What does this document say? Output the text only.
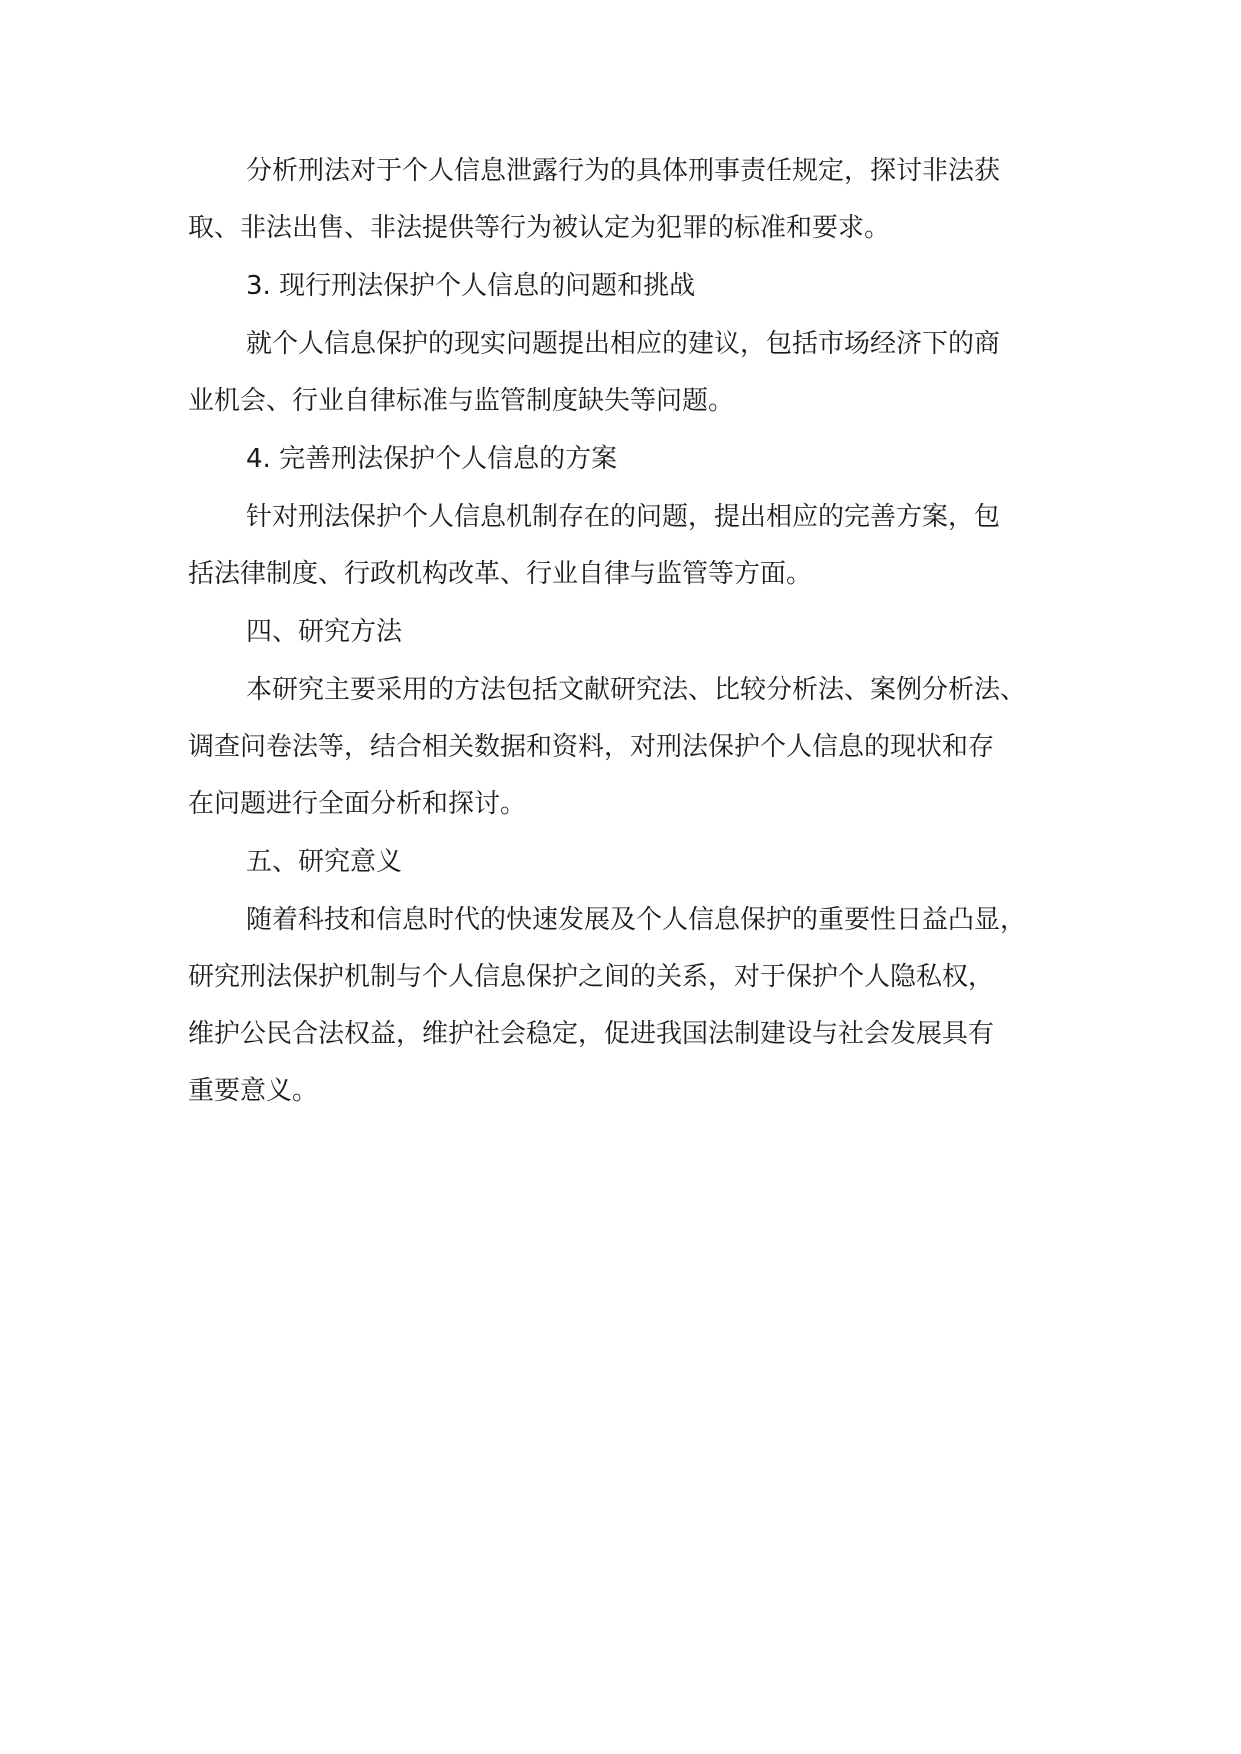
分析刑法对于个人信息泄露行为的具体刑事责任规定，探讨非法获
取、非法出售、非法提供等行为被认定为犯罪的标准和要求。
3. 现行刑法保护个人信息的问题和挑战
就个人信息保护的现实问题提出相应的建议，包括市场经济下的商
业机会、行业自律标准与监管制度缺失等问题。
4. 完善刑法保护个人信息的方案
针对刑法保护个人信息机制存在的问题，提出相应的完善方案，包
括法律制度、行政机构改革、行业自律与监管等方面。
四、研究方法
本研究主要采用的方法包括文献研究法、比较分析法、案例分析法、
调查问卷法等，结合相关数据和资料，对刑法保护个人信息的现状和存
在问题进行全面分析和探讨。
五、研究意义
随着科技和信息时代的快速发展及个人信息保护的重要性日益凸显，
研究刑法保护机制与个人信息保护之间的关系，对于保护个人隐私权，
维护公民合法权益，维护社会稳定，促进我国法制建设与社会发展具有
重要意义。
